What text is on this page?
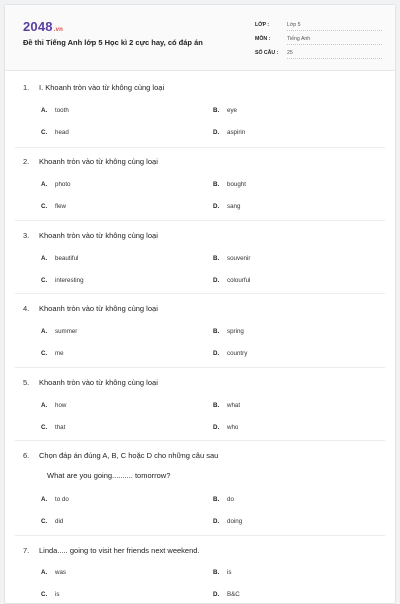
2048.vn
Đề thi Tiếng Anh lớp 5 Học kì 2 cực hay, có đáp án
LỚP :	Lớp 5
MÔN :	Tiếng Anh
SỐ CÂU : 25
1. I. Khoanh tròn vào từ không cùng loại
A. tooth	B. eye
C. head	D. aspirin
2. Khoanh tròn vào từ không cùng loại
A. photo	B. bought
C. flew	D. sang
3. Khoanh tròn vào từ không cùng loại
A. beautiful	B. souvenir
C. interesting	D. colourful
4. Khoanh tròn vào từ không cùng loại
A. summer	B. spring
C. me	D. country
5. Khoanh tròn vào từ không cùng loại
A. how	B. what
C. that	D. who
6. Chọn đáp án đúng A, B, C hoặc D cho những câu sau
What are you going.......... tomorrow?
A. to do	B. do
C. did	D. doing
7. Linda..... going to visit her friends next weekend.
A. was	B. is
C. is	D. B&C
